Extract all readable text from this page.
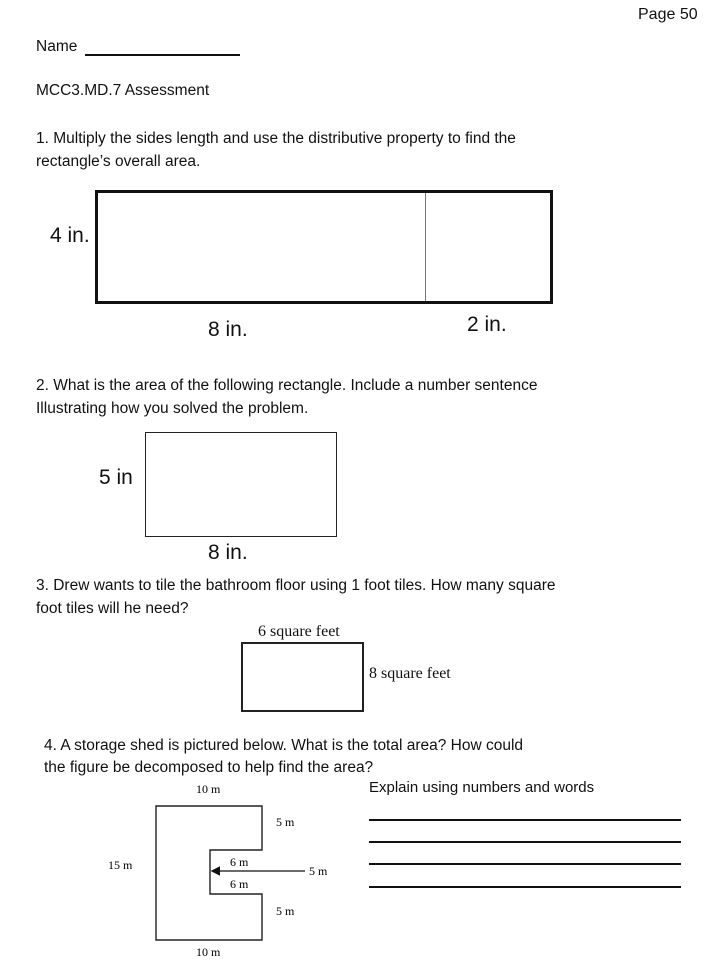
Page 50
Name
MCC3.MD.7 Assessment
1. Multiply the sides length and use the distributive property to find the
rectangle’s overall area.
4 in.
8 in.	2 in.
2. What is the area of the following rectangle. Include a number sentence
Illustrating how you solved the problem.
5 in
8 in.
3. Drew wants to tile the bathroom floor using 1 foot tiles. How many square
foot tiles will he need?
6 square feet
8 square feet
4. A storage shed is pictured below. What is the total area? How could
the figure be decomposed to help find the area?
Explain using numbers and words
10 m
15 m
10 m
5 m
5 m
6 m
6 m
5 m
